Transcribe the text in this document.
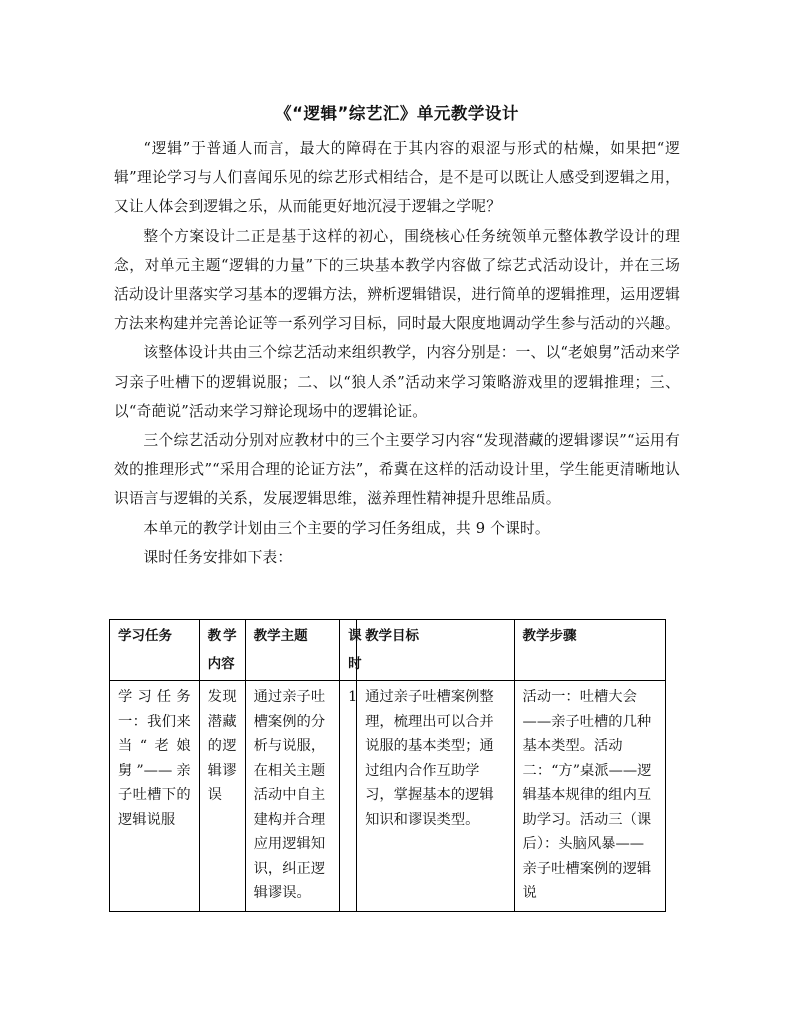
《“逻辑”综艺汇》单元教学设计

“逻辑”于普通人而言，最大的障碍在于其内容的艰涩与形式的枯燥，如果把“逻辑”理论学习与人们喜闻乐见的综艺形式相结合，是不是可以既让人感受到逻辑之用，又让人体会到逻辑之乐，从而能更好地沉浸于逻辑之学呢？

整个方案设计二正是基于这样的初心，围绕核心任务统领单元整体教学设计的理念，对单元主题“逻辑的力量”下的三块基本教学内容做了综艺式活动设计，并在三场活动设计里落实学习基本的逻辑方法，辨析逻辑错误，进行简单的逻辑推理，运用逻辑方法来构建并完善论证等一系列学习目标，同时最大限度地调动学生参与活动的兴趣。

该整体设计共由三个综艺活动来组织教学，内容分别是：一、以“老娘舅”活动来学习亲子吐槽下的逻辑说服；二、以“狼人杀”活动来学习策略游戏里的逻辑推理；三、以“奇葩说”活动来学习辩论现场中的逻辑论证。

三个综艺活动分别对应教材中的三个主要学习内容“发现潜藏的逻辑谬误”“运用有效的推理形式”“采用合理的论证方法”，希冀在这样的活动设计里，学生能更清晰地认识语言与逻辑的关系，发展逻辑思维，滋养理性精神提升思维品质。

本单元的教学计划由三个主要的学习任务组成，共 9 个课时。

课时任务安排如下表：

学习任务	教学内容	教学主题	课时	教学目标	教学步骤
学习任务一：我们来当“老娘舅”——亲子吐槽下的逻辑说服	发现潜藏的逻辑谬误	通过亲子吐槽案例的分析与说服，在相关主题活动中自主建构并合理应用逻辑知识，纠正逻辑谬误。	1	通过亲子吐槽案例整理，梳理出可以合并说服的基本类型；通过组内合作互助学习，掌握基本的逻辑知识和谬误类型。	活动一：吐槽大会——亲子吐槽的几种基本类型。活动二：“方”桌派——逻辑基本规律的组内互助学习。活动三（课后）：头脑风暴——亲子吐槽案例的逻辑说
